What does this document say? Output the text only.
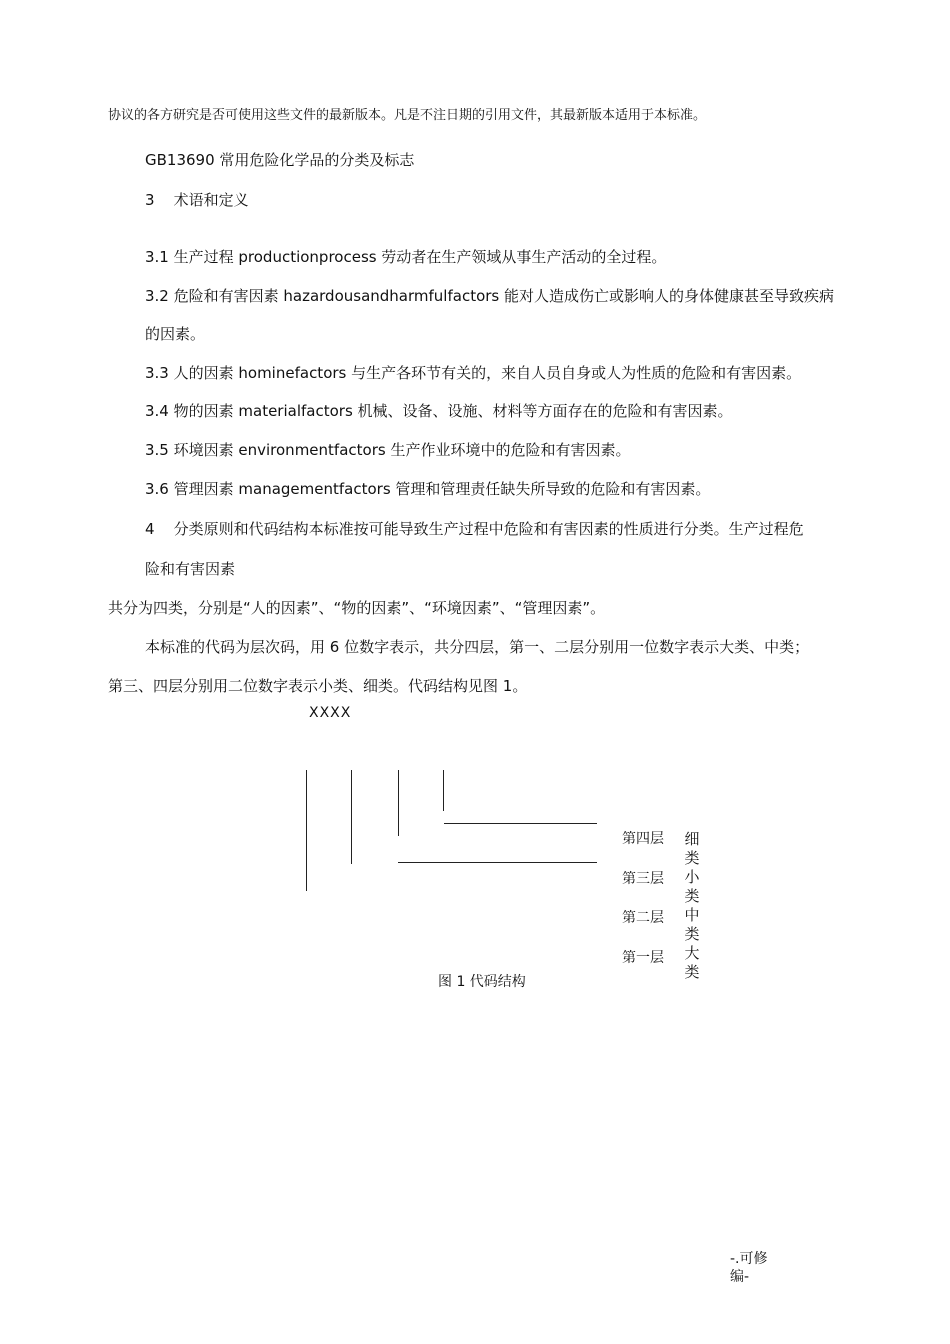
协议的各方研究是否可使用这些文件的最新版本。凡是不注日期的引用文件，其最新版本适用于本标准。

GB13690 常用危险化学品的分类及标志

3    术语和定义

3.1 生产过程 productionprocess 劳动者在生产领域从事生产活动的全过程。

3.2 危险和有害因素 hazardousandharmfulfactors 能对人造成伤亡或影响人的身体健康甚至导致疾病

的因素。

3.3 人的因素 hominefactors 与生产各环节有关的，来自人员自身或人为性质的危险和有害因素。

3.4 物的因素 materialfactors 机械、设备、设施、材料等方面存在的危险和有害因素。

3.5 环境因素 environmentfactors 生产作业环境中的危险和有害因素。

3.6 管理因素 managementfactors 管理和管理责任缺失所导致的危险和有害因素。

4    分类原则和代码结构本标准按可能导致生产过程中危险和有害因素的性质进行分类。生产过程危

险和有害因素

共分为四类，分别是“人的因素”、“物的因素”、“环境因素”、“管理因素”。

本标准的代码为层次码，用 6 位数字表示，共分四层，第一、二层分别用一位数字表示大类、中类；

第三、四层分别用二位数字表示小类、细类。代码结构见图 1。

XXXX
第四层
第三层
第二层
第一层
细类小类中类大类
图 1 代码结构
-.可修
编-
